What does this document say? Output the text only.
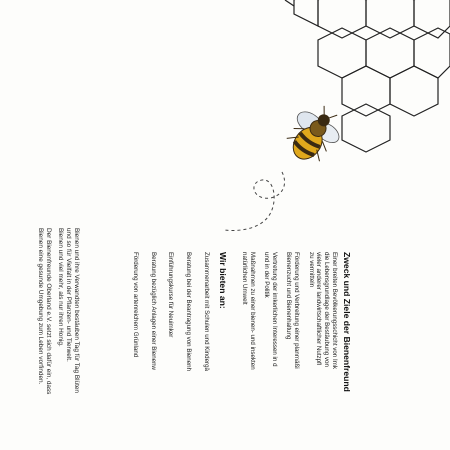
Der Bienenfreunde Oberland e.V. setzt sich dafür ein, dass

Bienen eine gesunde Umgebung zum Leben vorfinden.	Bienen und ihre Verwandten bestäuben Tag für Tag Blüten

und so für Vielfalt in der Pflanzen- und Tierwelt.

Bienen und viel mehr, als nur ihren Honig.	Zweck und Ziele der Bienenfreund
Einer breiten Bevölkerungsschicht von Imk
die Lebensgrundlage der Bestäubung von
vieler anderer landwirtschaftlicher Nutzpfl
zu vermitteln
Förderung und Verbreitung einer planmäßi
Bienenzucht und Bienenhaltung
Vertretung der imkerlichen Interessen in d
und in der Politik
Maßnahmen zu einer bienen- und insekten
natürlichen Umwelt
Wir bieten an:
Zusammenarbeit mit Schulen und Kindergä
Beratung bei der Beantragung von Bienenh
Einführungskurse für Neuimker
Beratung bezüglich Anlagen einer Bienenw
Förderung von artenreichem Grünland
